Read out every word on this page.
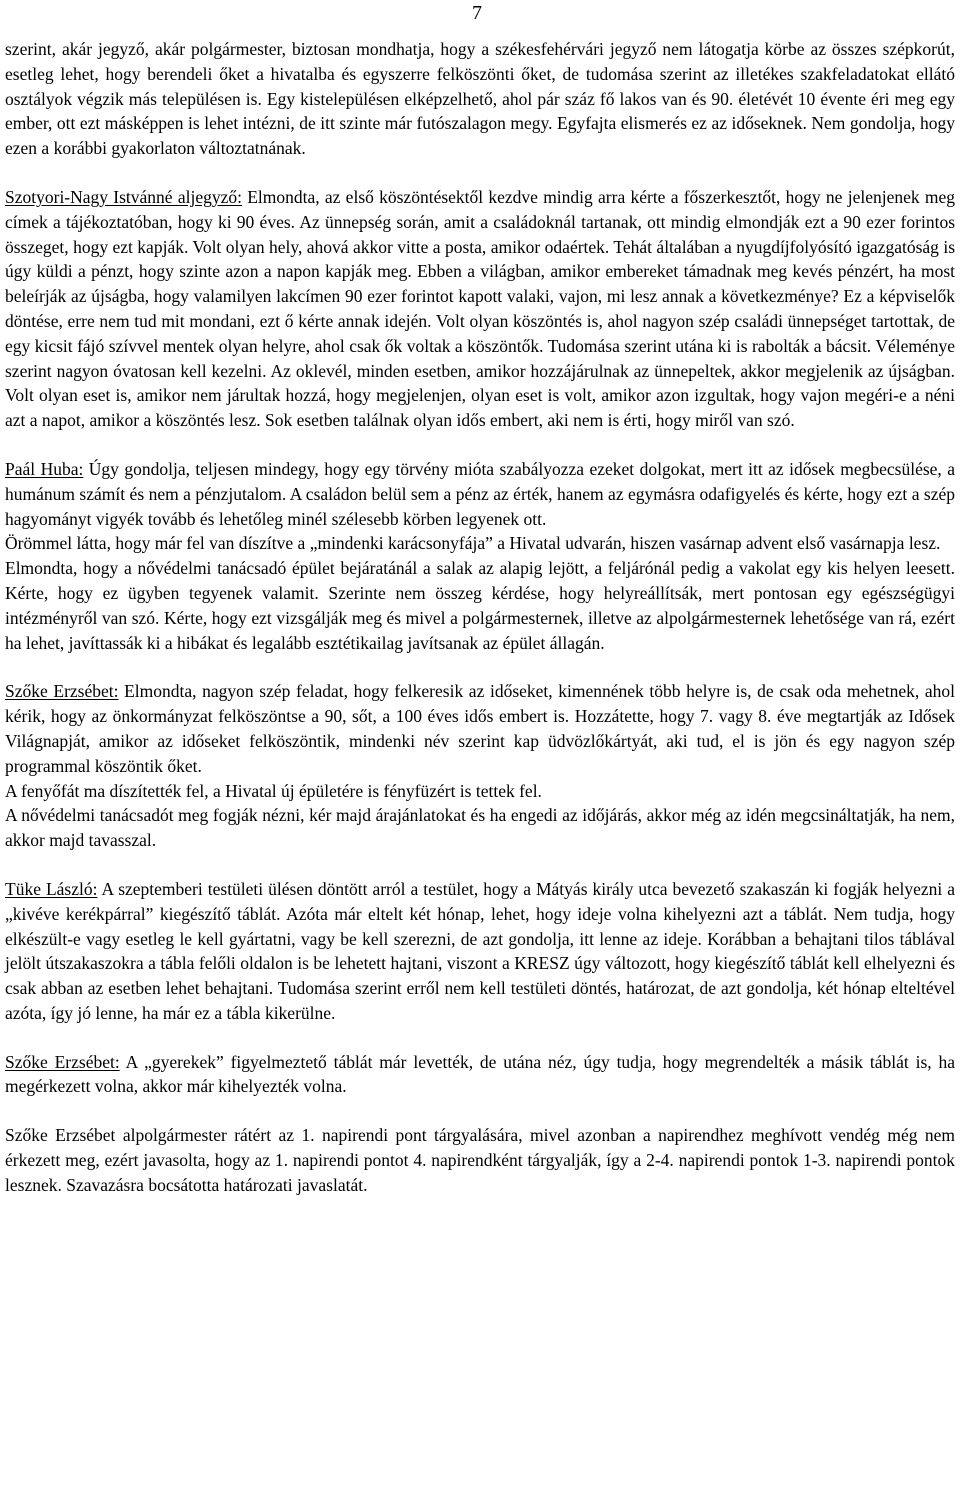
7

szerint, akár jegyző, akár polgármester, biztosan mondhatja, hogy a székesfehérvári jegyző nem látogatja körbe az összes szépkorút, esetleg lehet, hogy berendeli őket a hivatalba és egyszerre felköszönti őket, de tudomása szerint az illetékes szakfeladatokat ellátó osztályok végzik más településen is. Egy kistelepülésen elképzelhető, ahol pár száz fő lakos van és 90. életévét 10 évente éri meg egy ember, ott ezt másképpen is lehet intézni, de itt szinte már futószalagon megy. Egyfajta elismerés ez az időseknek. Nem gondolja, hogy ezen a korábbi gyakorlaton változtatnának.

Szotyori-Nagy Istvánné aljegyző: Elmondta, az első köszöntésektől kezdve mindig arra kérte a főszerkesztőt, hogy ne jelenjenek meg címek a tájékoztatóban, hogy ki 90 éves. Az ünnepség során, amit a családoknál tartanak, ott mindig elmondják ezt a 90 ezer forintos összeget, hogy ezt kapják. Volt olyan hely, ahová akkor vitte a posta, amikor odaértek. Tehát általában a nyugdíjfolyósító igazgatóság is úgy küldi a pénzt, hogy szinte azon a napon kapják meg. Ebben a világban, amikor embereket támadnak meg kevés pénzért, ha most beleírják az újságba, hogy valamilyen lakcímen 90 ezer forintot kapott valaki, vajon, mi lesz annak a következménye? Ez a képviselők döntése, erre nem tud mit mondani, ezt ő kérte annak idején. Volt olyan köszöntés is, ahol nagyon szép családi ünnepséget tartottak, de egy kicsit fájó szívvel mentek olyan helyre, ahol csak ők voltak a köszöntők. Tudomása szerint utána ki is rabolták a bácsit. Véleménye szerint nagyon óvatosan kell kezelni. Az oklevél, minden esetben, amikor hozzájárulnak az ünnepeltek, akkor megjelenik az újságban. Volt olyan eset is, amikor nem járultak hozzá, hogy megjelenjen, olyan eset is volt, amikor azon izgultak, hogy vajon megéri-e a néni azt a napot, amikor a köszöntés lesz. Sok esetben találnak olyan idős embert, aki nem is érti, hogy miről van szó.

Paál Huba: Úgy gondolja, teljesen mindegy, hogy egy törvény mióta szabályozza ezeket dolgokat, mert itt az idősek megbecsülése, a humánum számít és nem a pénzjutalom. A családon belül sem a pénz az érték, hanem az egymásra odafigyelés és kérte, hogy ezt a szép hagyományt vigyék tovább és lehetőleg minél szélesebb körben legyenek ott.

Örömmel látta, hogy már fel van díszítve a „mindenki karácsonyfája” a Hivatal udvarán, hiszen vasárnap advent első vasárnapja lesz.

Elmondta, hogy a nővédelmi tanácsadó épület bejáratánál a salak az alapig lejött, a feljárónál pedig a vakolat egy kis helyen leesett. Kérte, hogy ez ügyben tegyenek valamit. Szerinte nem összeg kérdése, hogy helyreállítsák, mert pontosan egy egészségügyi intézményről van szó. Kérte, hogy ezt vizsgálják meg és mivel a polgármesternek, illetve az alpolgármesternek lehetősége van rá, ezért ha lehet, javíttassák ki a hibákat és legalább esztétikailag javítsanak az épület állagán.

Szőke Erzsébet: Elmondta, nagyon szép feladat, hogy felkeresik az időseket, kimennének több helyre is, de csak oda mehetnek, ahol kérik, hogy az önkormányzat felköszöntse a 90, sőt, a 100 éves idős embert is. Hozzátette, hogy 7. vagy 8. éve megtartják az Idősek Világnapját, amikor az időseket felköszöntik, mindenki név szerint kap üdvözlőkártyát, aki tud, el is jön és egy nagyon szép programmal köszöntik őket.

A fenyőfát ma díszítették fel, a Hivatal új épületére is fényfüzért is tettek fel.

A nővédelmi tanácsadót meg fogják nézni, kér majd árajánlatokat és ha engedi az időjárás, akkor még az idén megcsináltatják, ha nem, akkor majd tavasszal.

Tüke László: A szeptemberi testületi ülésen döntött arról a testület, hogy a Mátyás király utca bevezető szakaszán ki fogják helyezni a „kivéve kerékpárral” kiegészítő táblát. Azóta már eltelt két hónap, lehet, hogy ideje volna kihelyezni azt a táblát. Nem tudja, hogy elkészült-e vagy esetleg le kell gyártatni, vagy be kell szerezni, de azt gondolja, itt lenne az ideje. Korábban a behajtani tilos táblával jelölt útszakaszokra a tábla felőli oldalon is be lehetett hajtani, viszont a KRESZ úgy változott, hogy kiegészítő táblát kell elhelyezni és csak abban az esetben lehet behajtani. Tudomása szerint erről nem kell testületi döntés, határozat, de azt gondolja, két hónap elteltével azóta, így jó lenne, ha már ez a tábla kikerülne.

Szőke Erzsébet: A „gyerekek” figyelmeztető táblát már levették, de utána néz, úgy tudja, hogy megrendelték a másik táblát is, ha megérkezett volna, akkor már kihelyezték volna.

Szőke Erzsébet alpolgármester rátért az 1. napirendi pont tárgyalására, mivel azonban a napirendhez meghívott vendég még nem érkezett meg, ezért javasolta, hogy az 1. napirendi pontot 4. napirendként tárgyalják, így a 2-4. napirendi pontok 1-3. napirendi pontok lesznek. Szavazásra bocsátotta határozati javaslatát.
